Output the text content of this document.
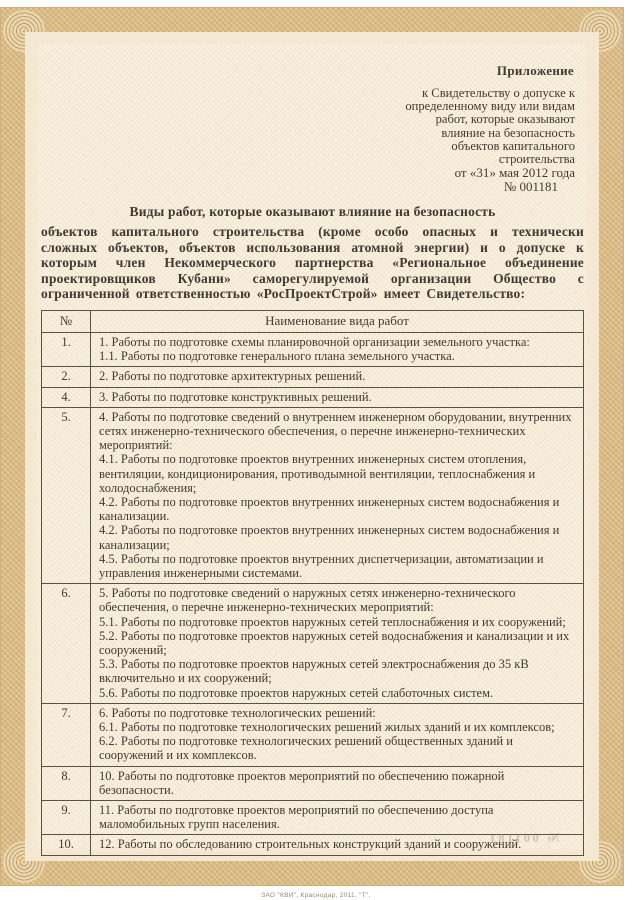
Приложение
к Свидетельству о допуске к
определенному виду или видам
работ, которые оказывают
влияние на безопасность
объектов капитального
строительства
от «31» мая 2012 года
№ 001181
Виды работ, которые оказывают влияние на безопасность

объектов капитального строительства (кроме особо опасных и технически сложных объектов, объектов использования атомной энергии) и о допуске к которым член Некоммерческого партнерства «Региональное объединение проектировщиков Кубани» саморегулируемой организации Общество с ограниченной ответственностью «РосПроектСтрой» имеет Свидетельство:

№	Наименование вида работ
1.	1. Работы по подготовке схемы планировочной организации земельного участка:
1.1. Работы по подготовке генерального плана земельного участка.

2.	2. Работы по подготовке архитектурных решений.

4.	3. Работы по подготовке конструктивных решений.

5.	4. Работы по подготовке сведений о внутреннем инженерном оборудовании, внутренних сетях инженерно-технического обеспечения, о перечне инженерно-технических мероприятий:
4.1. Работы по подготовке проектов внутренних инженерных систем отопления, вентиляции, кондиционирования, противодымной вентиляции, теплоснабжения и холодоснабжения;
4.2. Работы по подготовке проектов внутренних инженерных систем водоснабжения и канализации.
4.2. Работы по подготовке проектов внутренних инженерных систем водоснабжения и канализации;
4.5. Работы по подготовке проектов внутренних диспетчеризации, автоматизации и управления инженерными системами.

6.	5. Работы по подготовке сведений о наружных сетях инженерно-технического обеспечения, о перечне инженерно-технических мероприятий:
5.1. Работы по подготовке проектов наружных сетей теплоснабжения и их сооружений;
5.2. Работы по подготовке проектов наружных сетей водоснабжения и канализации и их сооружений;
5.3. Работы по подготовке проектов наружных сетей электроснабжения до 35 кВ включительно и их сооружений;
5.6. Работы по подготовке проектов наружных сетей слаботочных систем.

7.	6. Работы по подготовке технологических решений:
6.1. Работы по подготовке технологических решений жилых зданий и их комплексов;
6.2. Работы по подготовке технологических решений общественных зданий и сооружений и их комплексов.

8.	10. Работы по подготовке проектов мероприятий по обеспечению пожарной безопасности.

9.	11. Работы по подготовке проектов мероприятий по обеспечению доступа маломобильных групп населения.

10.	12. Работы по обследованию строительных конструкций зданий и сооружений.
№ 001181
ЗАО "КВИ", Краснодар, 2011, "Т".
